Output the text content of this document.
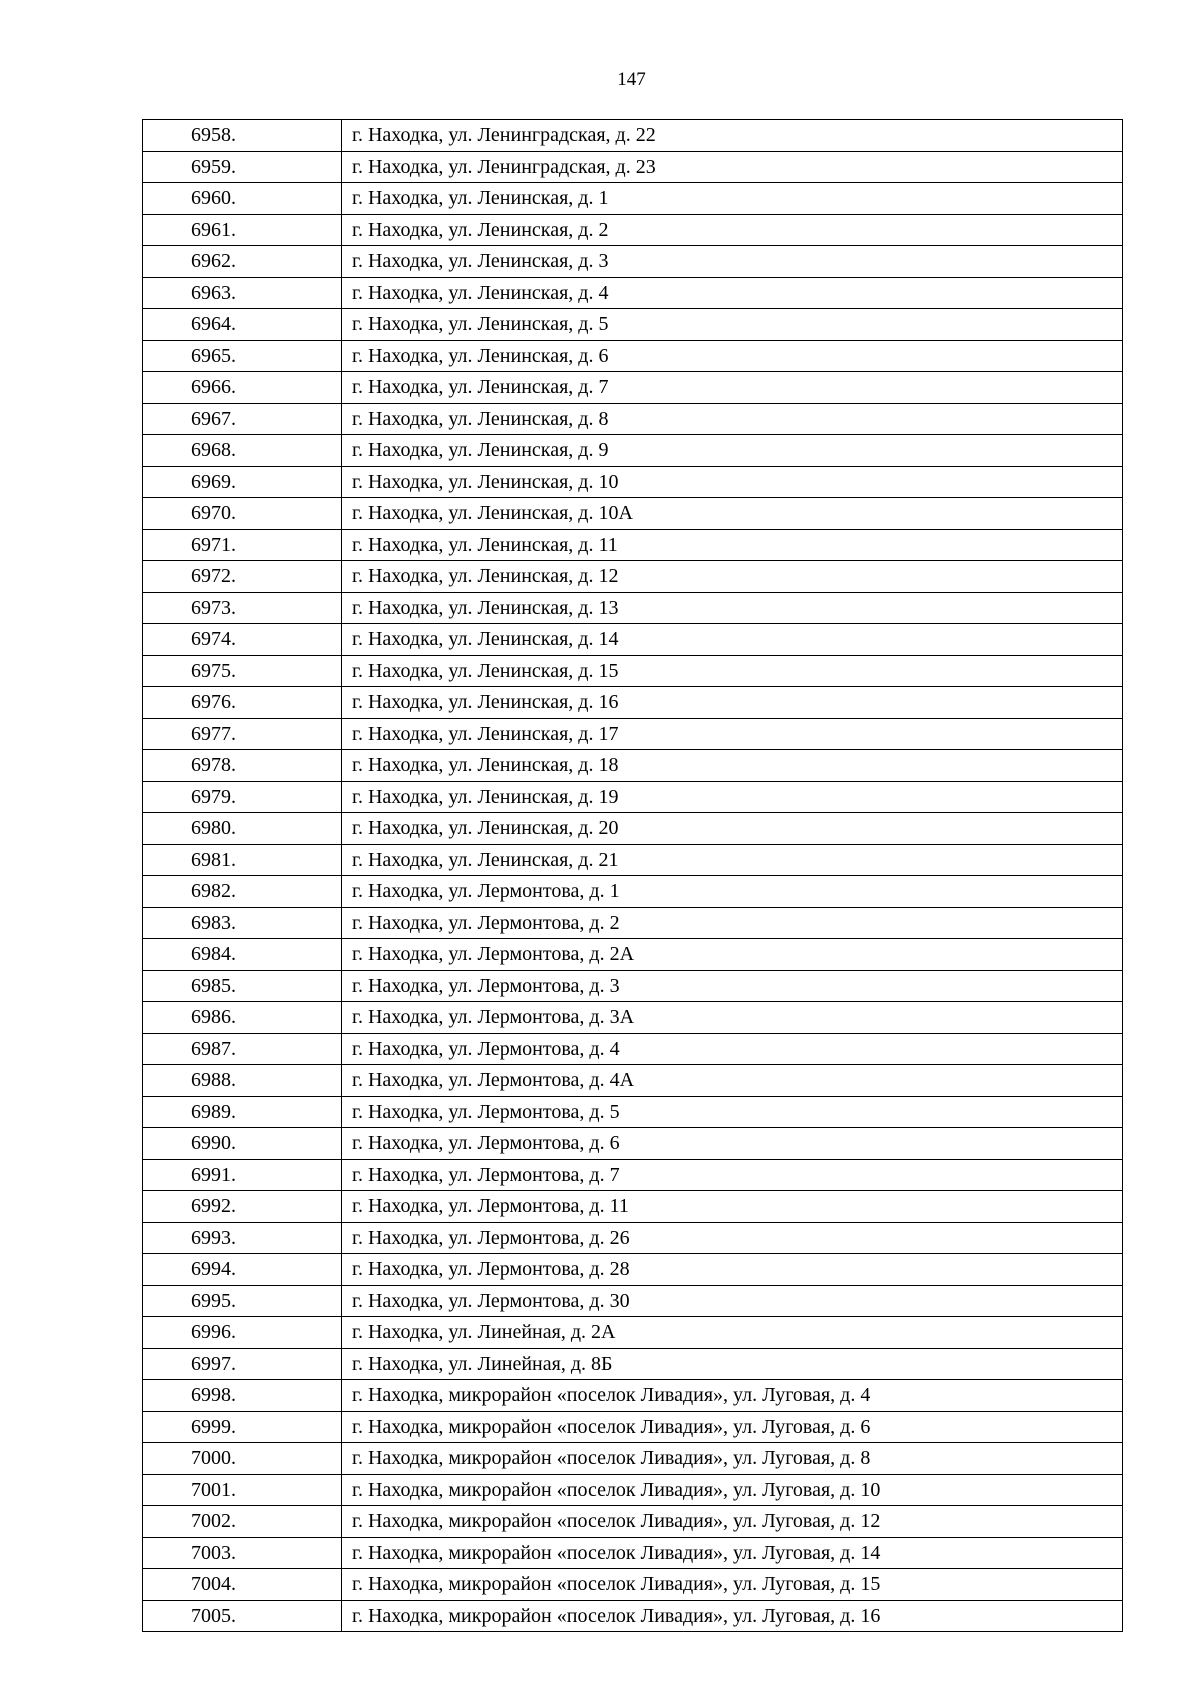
147
6958.	г. Находка, ул. Ленинградская, д. 22
6959.	г. Находка, ул. Ленинградская, д. 23
6960.	г. Находка, ул. Ленинская, д. 1
6961.	г. Находка, ул. Ленинская, д. 2
6962.	г. Находка, ул. Ленинская, д. 3
6963.	г. Находка, ул. Ленинская, д. 4
6964.	г. Находка, ул. Ленинская, д. 5
6965.	г. Находка, ул. Ленинская, д. 6
6966.	г. Находка, ул. Ленинская, д. 7
6967.	г. Находка, ул. Ленинская, д. 8
6968.	г. Находка, ул. Ленинская, д. 9
6969.	г. Находка, ул. Ленинская, д. 10
6970.	г. Находка, ул. Ленинская, д. 10А
6971.	г. Находка, ул. Ленинская, д. 11
6972.	г. Находка, ул. Ленинская, д. 12
6973.	г. Находка, ул. Ленинская, д. 13
6974.	г. Находка, ул. Ленинская, д. 14
6975.	г. Находка, ул. Ленинская, д. 15
6976.	г. Находка, ул. Ленинская, д. 16
6977.	г. Находка, ул. Ленинская, д. 17
6978.	г. Находка, ул. Ленинская, д. 18
6979.	г. Находка, ул. Ленинская, д. 19
6980.	г. Находка, ул. Ленинская, д. 20
6981.	г. Находка, ул. Ленинская, д. 21
6982.	г. Находка, ул. Лермонтова, д. 1
6983.	г. Находка, ул. Лермонтова, д. 2
6984.	г. Находка, ул. Лермонтова, д. 2А
6985.	г. Находка, ул. Лермонтова, д. 3
6986.	г. Находка, ул. Лермонтова, д. 3А
6987.	г. Находка, ул. Лермонтова, д. 4
6988.	г. Находка, ул. Лермонтова, д. 4А
6989.	г. Находка, ул. Лермонтова, д. 5
6990.	г. Находка, ул. Лермонтова, д. 6
6991.	г. Находка, ул. Лермонтова, д. 7
6992.	г. Находка, ул. Лермонтова, д. 11
6993.	г. Находка, ул. Лермонтова, д. 26
6994.	г. Находка, ул. Лермонтова, д. 28
6995.	г. Находка, ул. Лермонтова, д. 30
6996.	г. Находка, ул. Линейная, д. 2А
6997.	г. Находка, ул. Линейная, д. 8Б
6998.	г. Находка, микрорайон «поселок Ливадия», ул. Луговая, д. 4
6999.	г. Находка, микрорайон «поселок Ливадия», ул. Луговая, д. 6
7000.	г. Находка, микрорайон «поселок Ливадия», ул. Луговая, д. 8
7001.	г. Находка, микрорайон «поселок Ливадия», ул. Луговая, д. 10
7002.	г. Находка, микрорайон «поселок Ливадия», ул. Луговая, д. 12
7003.	г. Находка, микрорайон «поселок Ливадия», ул. Луговая, д. 14
7004.	г. Находка, микрорайон «поселок Ливадия», ул. Луговая, д. 15
7005.	г. Находка, микрорайон «поселок Ливадия», ул. Луговая, д. 16
